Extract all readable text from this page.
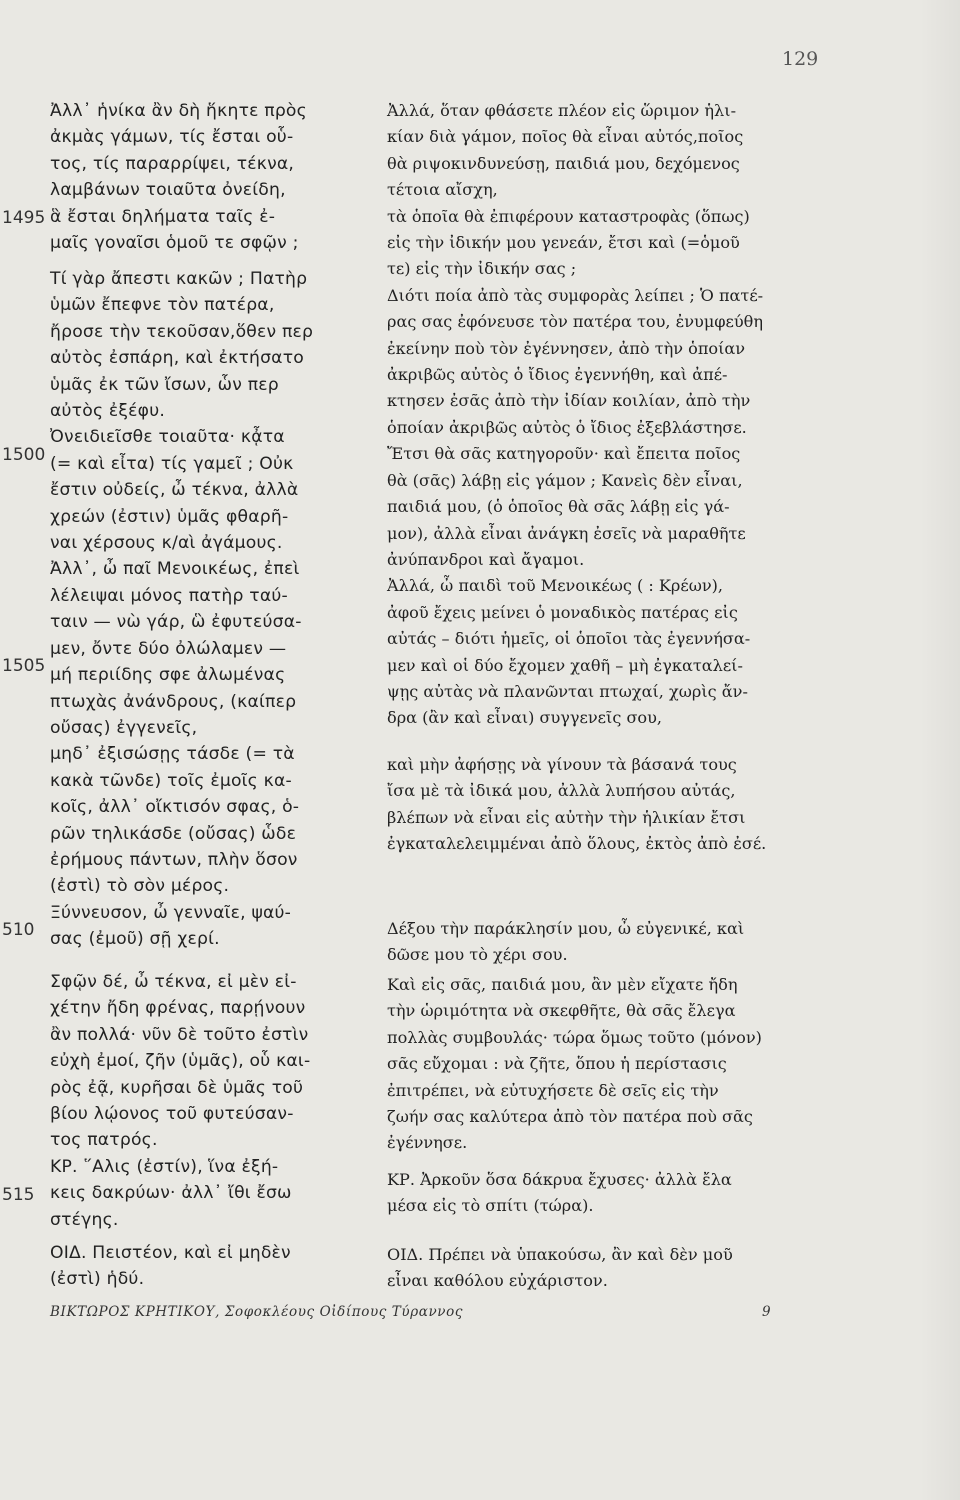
129
1495
1500
1505
510
515

Ἀλλ᾽ ἡνίκα ἂν δὴ ἥκητε πρὸς
ἀκμὰς γάμων, τίς ἔσται οὗ-
τος, τίς παραρρίψει, τέκνα,
λαμβάνων τοιαῦτα ὀνείδη,
ἃ ἔσται δηλήματα ταῖς ἐ-
μαῖς γοναῖσι ὁμοῦ τε σφῷν ;

Τί γὰρ ἄπεστι κακῶν ; Πατὴρ
ὑμῶν ἔπεφνε τὸν πατέρα,
ἤροσε τὴν τεκοῦσαν,ὅθεν περ
αὐτὸς ἐσπάρη, καὶ ἐκτήσατο
ὑμᾶς ἐκ τῶν ἴσων, ὧν περ
αὐτὸς ἐξέφυ.
Ὀνειδιεῖσθε τοιαῦτα· κᾆτα
(= καὶ εἶτα) τίς γαμεῖ ; Οὐκ
ἔστιν οὐδείς, ὦ τέκνα, ἀλλὰ
χρεών (ἐστιν) ὑμᾶς φθαρῆ-
ναι χέρσους κ/αὶ ἀγάμους.
Ἀλλ᾽, ὦ παῖ Μενοικέως, ἐπεὶ
λέλειψαι μόνος πατὴρ ταύ-
ταιν — νὼ γάρ, ὣ ἐφυτεύσα-
μεν, ὄντε δύο ὀλώλαμεν —
μή περιίδης σφε ἀλωμένας
πτωχὰς ἀνάνδρους, (καίπερ
οὔσας) ἐγγενεῖς,
μηδ᾽ ἐξισώσῃς τάσδε (= τὰ
κακὰ τῶνδε) τοῖς ἐμοῖς κα-
κοῖς, ἀλλ᾽ οἴκτισόν σφας, ὁ-
ρῶν τηλικάσδε (οὔσας) ὧδε
ἐρήμους πάντων, πλὴν ὅσον
(ἐστὶ) τὸ σὸν μέρος.
Ξύννευσον, ὦ γενναῖε, ψαύ-
σας (ἐμοῦ) σῇ χερί.

Σφῷν δέ, ὦ τέκνα, εἰ μὲν εἰ-
χέτην ἤδη φρένας, παρῄνουν
ἂν πολλά· νῦν δὲ τοῦτο ἐστὶν
εὐχὴ ἐμοί, ζῆν (ὑμᾶς), οὗ και-
ρὸς ἐᾷ, κυρῆσαι δὲ ὑμᾶς τοῦ
βίου λῴονος τοῦ φυτεύσαν-
τος πατρός.
ΚΡ. ῞Αλις (ἐστίν), ἵνα ἐξή-
κεις δακρύων· ἀλλ᾽ ἴθι ἔσω
στέγης.

ΟΙΔ. Πειστέον, καὶ εἰ μηδὲν
(ἐστὶ) ἡδύ.

Ἀλλά, ὅταν φθάσετε πλέον εἰς ὥριμον ἡλι-
κίαν διὰ γάμον, ποῖος θὰ εἶναι αὐτός,ποῖος
θὰ ριψοκινδυνεύσῃ, παιδιά μου, δεχόμενος
τέτοια αἴσχη,
τὰ ὁποῖα θὰ ἐπιφέρουν καταστροφὰς (ὅπως)
εἰς τὴν ἰδικήν μου γενεάν, ἔτσι καὶ (=ὁμοῦ
τε) εἰς τὴν ἰδικήν σας ;
Διότι ποία ἀπὸ τὰς συμφορὰς λείπει ; Ὁ πατέ-
ρας σας ἐφόνευσε τὸν πατέρα του, ἐνυμφεύθη
ἐκείνην ποὺ τὸν ἐγέννησεν, ἀπὸ τὴν ὁποίαν
ἀκριβῶς αὐτὸς ὁ ἴδιος ἐγεννήθη, καὶ ἀπέ-
κτησεν ἐσᾶς ἀπὸ τὴν ἰδίαν κοιλίαν, ἀπὸ τὴν
ὁποίαν ἀκριβῶς αὐτὸς ὁ ἴδιος ἐξεβλάστησε.
Ἔτσι θὰ σᾶς κατηγοροῦν· καὶ ἔπειτα ποῖος
θὰ (σᾶς) λάβῃ εἰς γάμον ; Κανεὶς δὲν εἶναι,
παιδιά μου, (ὁ ὁποῖος θὰ σᾶς λάβῃ εἰς γά-
μον), ἀλλὰ εἶναι ἀνάγκη ἐσεῖς νὰ μαραθῆτε
ἀνύπανδροι καὶ ἄγαμοι.
Ἀλλά, ὦ παιδὶ τοῦ Μενοικέως ( : Κρέων),
ἀφοῦ ἔχεις μείνει ὁ μοναδικὸς πατέρας εἰς
αὐτάς – διότι ἡμεῖς, οἱ ὁποῖοι τὰς ἐγεννήσα-
μεν καὶ οἱ δύο ἔχομεν χαθῆ – μὴ ἐγκαταλεί-
ψῃς αὐτὰς νὰ πλανῶνται πτωχαί, χωρὶς ἄν-
δρα (ἂν καὶ εἶναι) συγγενεῖς σου,

καὶ μὴν ἀφήσῃς νὰ γίνουν τὰ βάσανά τους
ἴσα μὲ τὰ ἰδικά μου, ἀλλὰ λυπήσου αὐτάς,
βλέπων νὰ εἶναι εἰς αὐτὴν τὴν ἡλικίαν ἔτσι
ἐγκαταλελειμμέναι ἀπὸ ὅλους, ἐκτὸς ἀπὸ ἐσέ.

Δέξου τὴν παράκλησίν μου, ὦ εὐγενικέ, καὶ
δῶσε μου τὸ χέρι σου.

Καὶ εἰς σᾶς, παιδιά μου, ἂν μὲν εἴχατε ἤδη
τὴν ὡριμότητα νὰ σκεφθῆτε, θὰ σᾶς ἔλεγα
πολλὰς συμβουλάς· τώρα ὅμως τοῦτο (μόνον)
σᾶς εὔχομαι : νὰ ζῆτε, ὅπου ἡ περίστασις
ἐπιτρέπει, νὰ εὐτυχήσετε δὲ σεῖς εἰς τὴν
ζωήν σας καλύτερα ἀπὸ τὸν πατέρα ποὺ σᾶς
ἐγέννησε.

ΚΡ. Ἀρκοῦν ὅσα δάκρυα ἔχυσες· ἀλλὰ ἔλα
μέσα εἰς τὸ σπίτι (τώρα).

ΟΙΔ. Πρέπει νὰ ὑπακούσω, ἂν καὶ δὲν μοῦ
εἶναι καθόλου εὐχάριστον.

ΒΙΚΤΩΡΟΣ ΚΡΗΤΙΚΟΥ, Σοφοκλέους Οἰδίπους Τύραννος	9
